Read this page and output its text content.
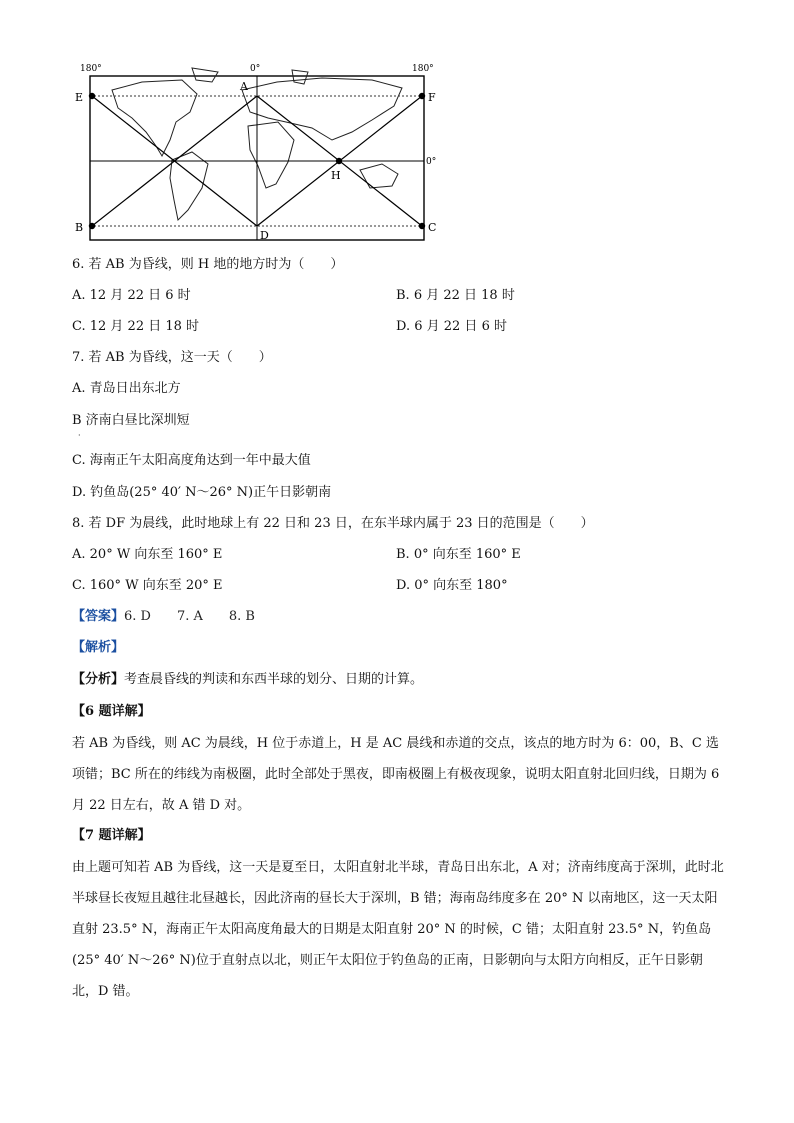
180°	0°	180°
A
B	C
D
E	F
H
0°
6. 若 AB 为昏线，则 H 地的地方时为（　　）
A. 12 月 22 日 6 时	B. 6 月 22 日 18 时
C. 12 月 22 日 18 时	D. 6 月 22 日 6 时
7. 若 AB 为昏线，这一天（　　）
A. 青岛日出东北方
B 济南白昼比深圳短
·
C. 海南正午太阳高度角达到一年中最大值
D. 钓鱼岛(25° 40′ N～26° N)正午日影朝南
8. 若 DF 为晨线，此时地球上有 22 日和 23 日，在东半球内属于 23 日的范围是（　　）
A. 20° W 向东至 160° E	B. 0° 向东至 160° E
C. 160° W 向东至 20° E	D. 0° 向东至 180°
【答案】6. D　　7. A　　8. B
【解析】
【分析】考查晨昏线的判读和东西半球的划分、日期的计算。
【6 题详解】
若 AB 为昏线，则 AC 为晨线，H 位于赤道上，H 是 AC 晨线和赤道的交点，该点的地方时为 6：00，B、C 选项错；BC 所在的纬线为南极圈，此时全部处于黑夜，即南极圈上有极夜现象，说明太阳直射北回归线，日期为 6 月 22 日左右，故 A 错 D 对。
【7 题详解】
由上题可知若 AB 为昏线，这一天是夏至日，太阳直射北半球，青岛日出东北，A 对；济南纬度高于深圳，此时北半球昼长夜短且越往北昼越长，因此济南的昼长大于深圳，B 错；海南岛纬度多在 20° N 以南地区，这一天太阳直射 23.5° N，海南正午太阳高度角最大的日期是太阳直射 20° N 的时候，C 错；太阳直射 23.5° N，钓鱼岛(25° 40′ N～26° N)位于直射点以北，则正午太阳位于钓鱼岛的正南，日影朝向与太阳方向相反，正午日影朝北，D 错。
